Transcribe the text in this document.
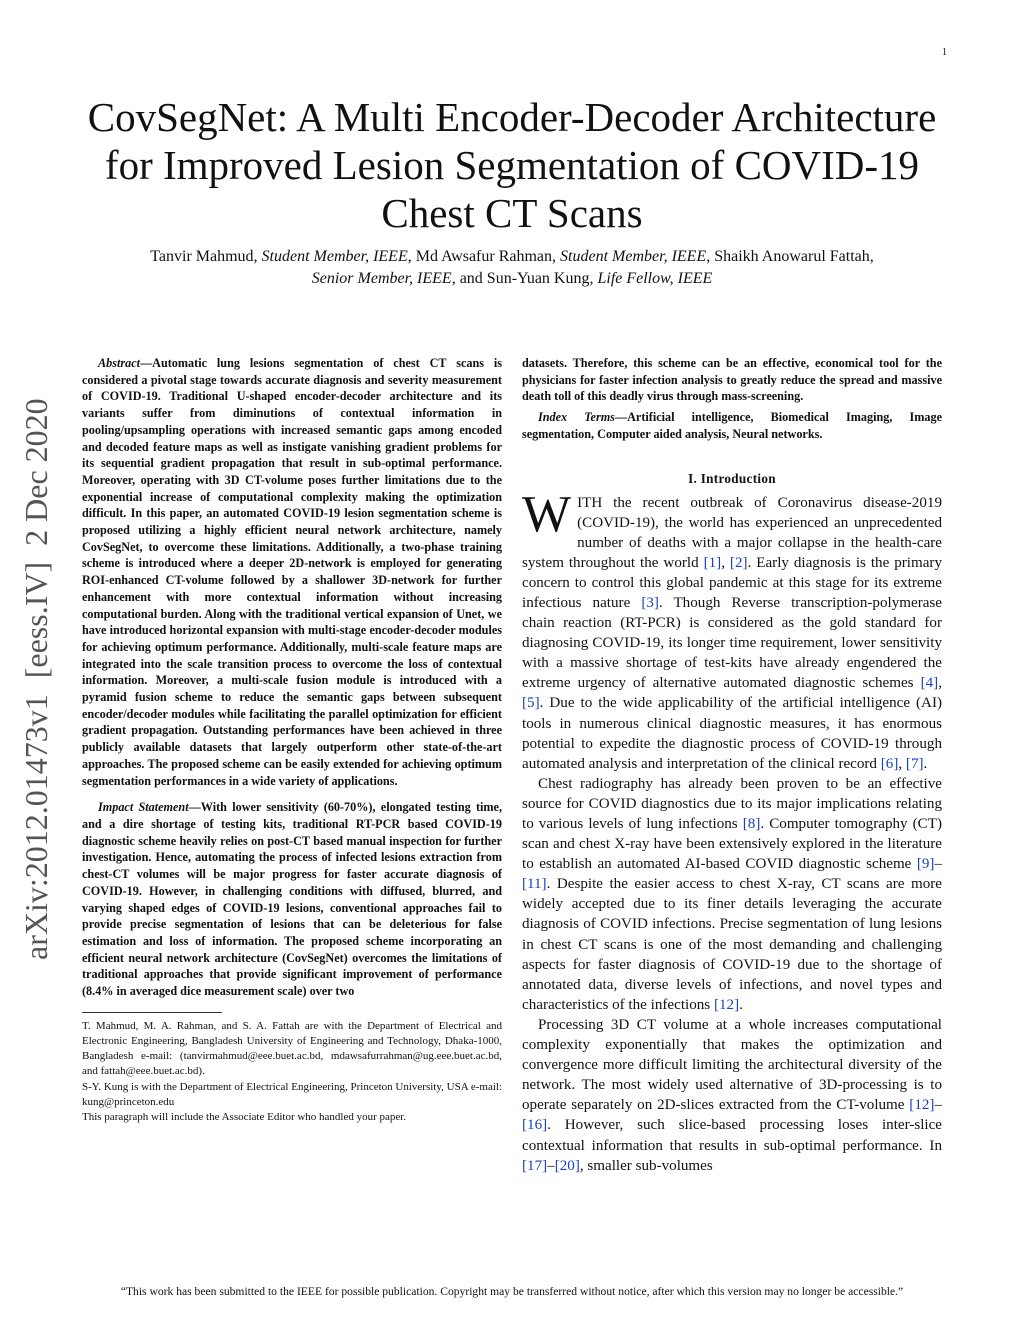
1
arXiv:2012.01473v1[eess.IV]2 Dec 2020
CovSegNet: A Multi Encoder-Decoder Architecture for Improved Lesion Segmentation of COVID-19 Chest CT Scans
Tanvir Mahmud, Student Member, IEEE, Md Awsafur Rahman, Student Member, IEEE, Shaikh Anowarul Fattah,
Senior Member, IEEE, and Sun-Yuan Kung, Life Fellow, IEEE

Abstract—Automatic lung lesions segmentation of chest CT scans is considered a pivotal stage towards accurate diagnosis and severity measurement of COVID-19. Traditional U-shaped encoder-decoder architecture and its variants suffer from diminutions of contextual information in pooling/upsampling operations with increased semantic gaps among encoded and decoded feature maps as well as instigate vanishing gradient problems for its sequential gradient propagation that result in sub-optimal performance. Moreover, operating with 3D CT-volume poses further limitations due to the exponential increase of computational complexity making the optimization difficult. In this paper, an automated COVID-19 lesion segmentation scheme is proposed utilizing a highly efficient neural network architecture, namely CovSegNet, to overcome these limitations. Additionally, a two-phase training scheme is introduced where a deeper 2D-network is employed for generating ROI-enhanced CT-volume followed by a shallower 3D-network for further enhancement with more contextual information without increasing computational burden. Along with the traditional vertical expansion of Unet, we have introduced horizontal expansion with multi-stage encoder-decoder modules for achieving optimum performance. Additionally, multi-scale feature maps are integrated into the scale transition process to overcome the loss of contextual information. Moreover, a multi-scale fusion module is introduced with a pyramid fusion scheme to reduce the semantic gaps between subsequent encoder/decoder modules while facilitating the parallel optimization for efficient gradient propagation. Outstanding performances have been achieved in three publicly available datasets that largely outperform other state-of-the-art approaches. The proposed scheme can be easily extended for achieving optimum segmentation performances in a wide variety of applications.

Impact Statement—With lower sensitivity (60-70%), elongated testing time, and a dire shortage of testing kits, traditional RT-PCR based COVID-19 diagnostic scheme heavily relies on post-CT based manual inspection for further investigation. Hence, automating the process of infected lesions extraction from chest-CT volumes will be major progress for faster accurate diagnosis of COVID-19. However, in challenging conditions with diffused, blurred, and varying shaped edges of COVID-19 lesions, conventional approaches fail to provide precise segmentation of lesions that can be deleterious for false estimation and loss of information. The proposed scheme incorporating an efficient neural network architecture (CovSegNet) overcomes the limitations of traditional approaches that provide significant improvement of performance (8.4% in averaged dice measurement scale) over two

T. Mahmud, M. A. Rahman, and S. A. Fattah are with the Department of Electrical and Electronic Engineering, Bangladesh University of Engineering and Technology, Dhaka-1000, Bangladesh e-mail: (tanvirmahmud@eee.buet.ac.bd, mdawsafurrahman@ug.eee.buet.ac.bd, and fattah@eee.buet.ac.bd).

S-Y. Kung is with the Department of Electrical Engineering, Princeton University, USA e-mail: kung@princeton.edu

This paragraph will include the Associate Editor who handled your paper.

datasets. Therefore, this scheme can be an effective, economical tool for the physicians for faster infection analysis to greatly reduce the spread and massive death toll of this deadly virus through mass-screening.

Index Terms—Artificial intelligence, Biomedical Imaging, Image segmentation, Computer aided analysis, Neural networks.

I. Introduction

WITH the recent outbreak of Coronavirus disease-2019 (COVID-19), the world has experienced an unprecedented number of deaths with a major collapse in the health-care system throughout the world [1], [2]. Early diagnosis is the primary concern to control this global pandemic at this stage for its extreme infectious nature [3]. Though Reverse transcription-polymerase chain reaction (RT-PCR) is considered as the gold standard for diagnosing COVID-19, its longer time requirement, lower sensitivity with a massive shortage of test-kits have already engendered the extreme urgency of alternative automated diagnostic schemes [4], [5]. Due to the wide applicability of the artificial intelligence (AI) tools in numerous clinical diagnostic measures, it has enormous potential to expedite the diagnostic process of COVID-19 through automated analysis and interpretation of the clinical record [6], [7].

Chest radiography has already been proven to be an effective source for COVID diagnostics due to its major implications relating to various levels of lung infections [8]. Computer tomography (CT) scan and chest X-ray have been extensively explored in the literature to establish an automated AI-based COVID diagnostic scheme [9]–[11]. Despite the easier access to chest X-ray, CT scans are more widely accepted due to its finer details leveraging the accurate diagnosis of COVID infections. Precise segmentation of lung lesions in chest CT scans is one of the most demanding and challenging aspects for faster diagnosis of COVID-19 due to the shortage of annotated data, diverse levels of infections, and novel types and characteristics of the infections [12].

Processing 3D CT volume at a whole increases computational complexity exponentially that makes the optimization and convergence more difficult limiting the architectural diversity of the network. The most widely used alternative of 3D-processing is to operate separately on 2D-slices extracted from the CT-volume [12]–[16]. However, such slice-based processing loses inter-slice contextual information that results in sub-optimal performance. In [17]–[20], smaller sub-volumes

“This work has been submitted to the IEEE for possible publication. Copyright may be transferred without notice, after which this version may no longer be accessible.”
